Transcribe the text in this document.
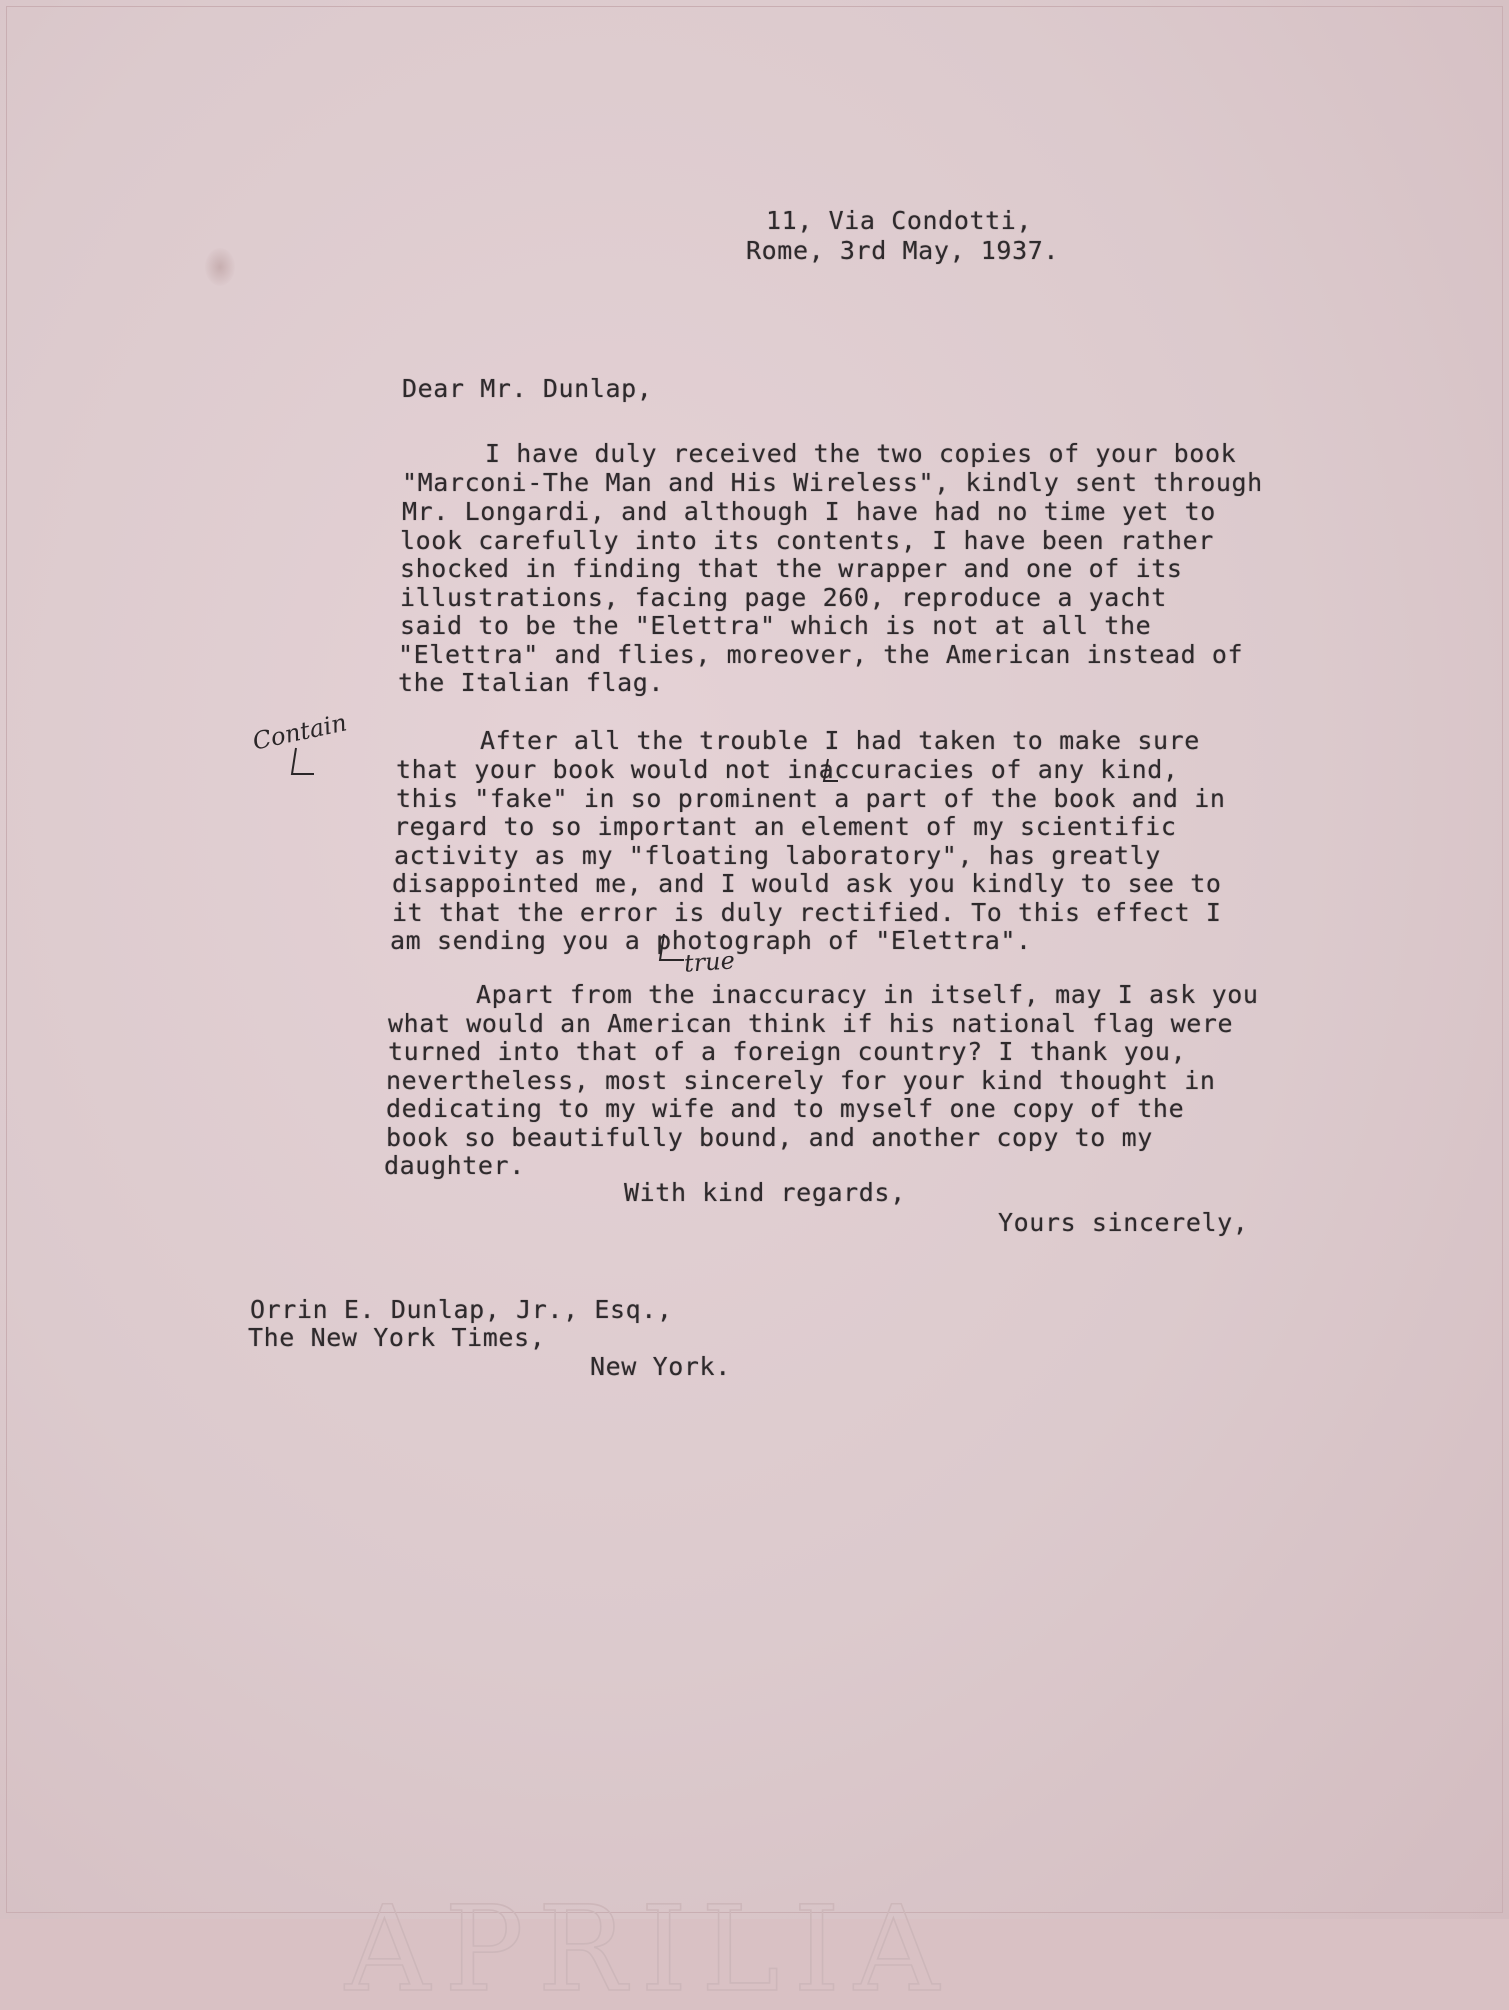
APRILIA
11, Via Condotti,
Rome, 3rd May, 1937.
Dear Mr. Dunlap,
I have duly received the two copies of your book
"Marconi-The Man and His Wireless", kindly sent through
Mr. Longardi, and although I have had no time yet to
look carefully into its contents, I have been rather
shocked in finding that the wrapper and one of its
illustrations, facing page 260, reproduce a yacht
said to be the "Elettra" which is not at all the
"Elettra" and flies, moreover, the American instead of
the Italian flag.
Contain	After all the trouble I had taken to make sure
that your book would not inaccuracies of any kind,
this "fake" in so prominent a part of the book and in
regard to so important an element of my scientific
activity as my "floating laboratory", has greatly
disappointed me, and I would ask you kindly to see to
it that the error is duly rectified. To this effect I
am sending you a photograph of "Elettra".
true
Apart from the inaccuracy in itself, may I ask you
what would an American think if his national flag were
turned into that of a foreign country? I thank you,
nevertheless, most sincerely for your kind thought in
dedicating to my wife and to myself one copy of the
book so beautifully bound, and another copy to my
daughter.
With kind regards,
Yours sincerely,
Orrin E. Dunlap, Jr., Esq.,
The New York Times,
New York.
